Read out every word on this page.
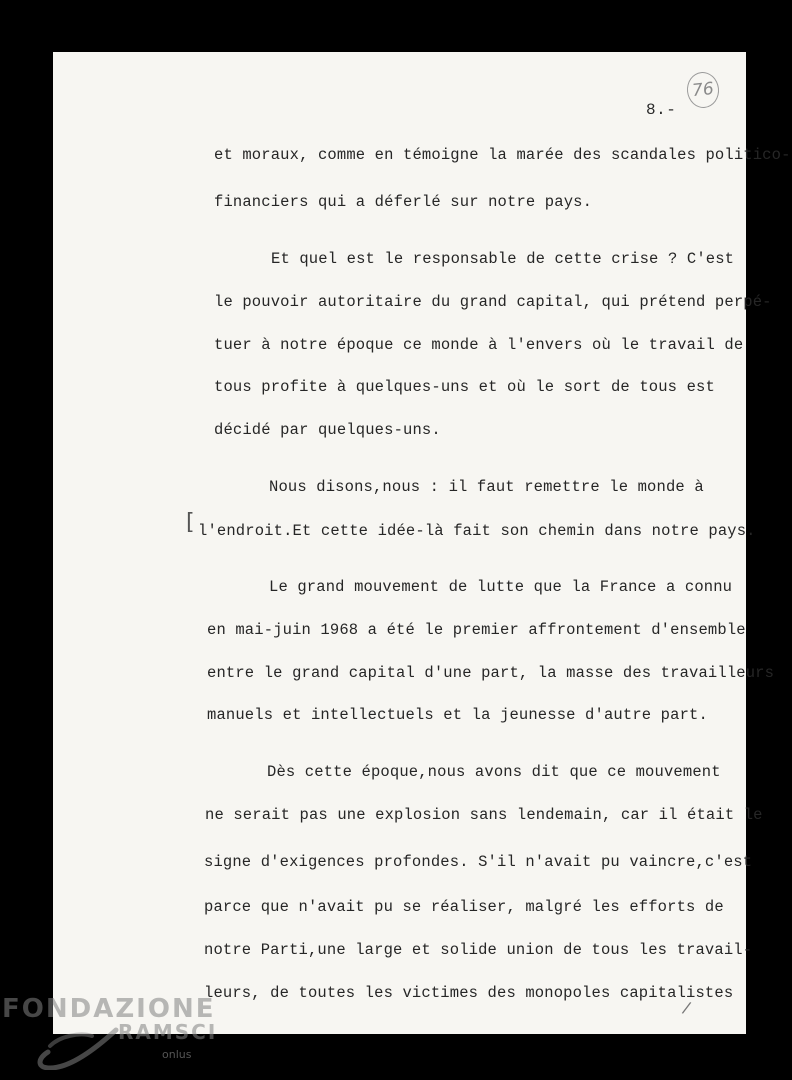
76
8.-
et moraux, comme en témoigne la marée des scandales politico-
financiers qui a déferlé sur notre pays.
Et quel est le responsable de cette crise ? C'est
le pouvoir autoritaire du grand capital, qui prétend perpé-
tuer à notre époque ce monde à l'envers où le travail de
tous profite à quelques-uns et où le sort de tous est
décidé par quelques-uns.
Nous disons,nous : il faut remettre le monde à
l'endroit.Et cette idée-là fait son chemin dans notre pays.
Le grand mouvement de lutte que la France a connu
en mai-juin 1968 a été le premier affrontement d'ensemble
entre le grand capital d'une part, la masse des travailleurs
manuels et intellectuels et la jeunesse d'autre part.
Dès cette époque,nous avons dit que ce mouvement
ne serait pas une explosion sans lendemain, car il était le
signe d'exigences profondes. S'il n'avait pu vaincre,c'est
parce que n'avait pu se réaliser, malgré les efforts de
notre Parti,une large et solide union de tous les travail-
leurs, de toutes les victimes des monopoles capitalistes
[
/
FONDAZIONE
RAMSCI
onlus
